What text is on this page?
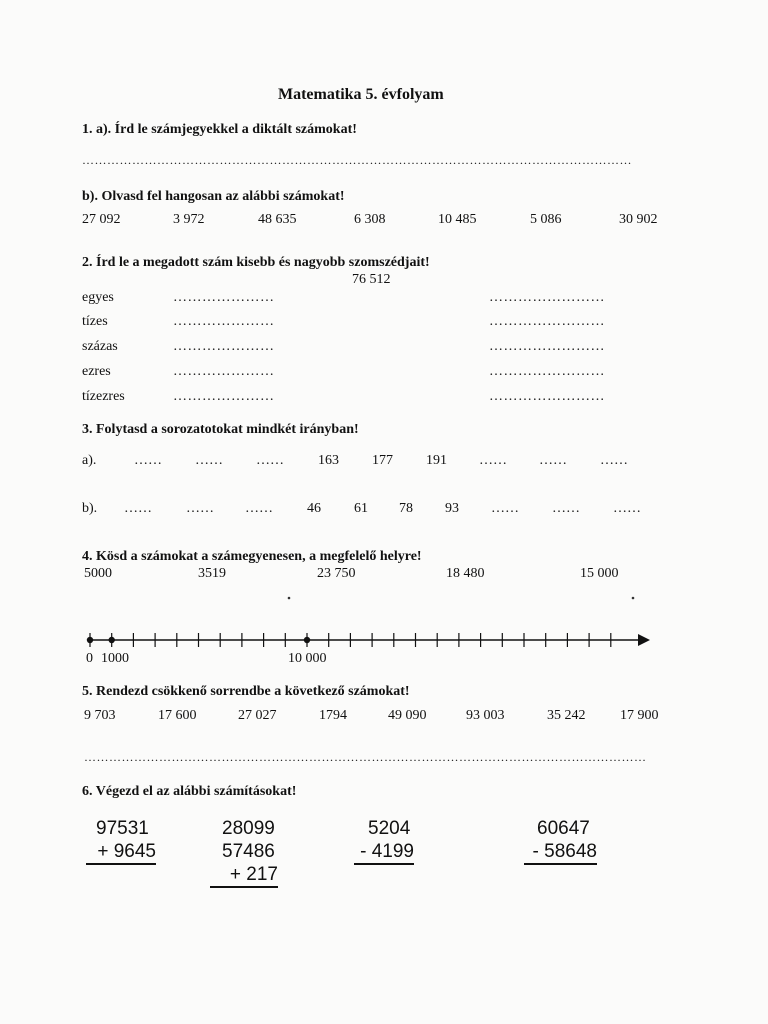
Matematika 5. évfolyam
1. a). Írd le számjegyekkel a diktált számokat!
……………………………………………………………………………………………………………………
b). Olvasd fel hangosan az alábbi számokat!
27 092	3 972	48 635	6 308	10 485	5 086	30 902
2. Írd le a megadott szám kisebb és nagyobb szomszédjait!
76 512
egyes	…………………	……………………
tízes	…………………	……………………
százas	…………………	……………………
ezres	…………………	……………………
tízezres	…………………	……………………
3. Folytasd a sorozatotokat mindkét irányban!
a).	…… …… …… 163 177 191 …… …… ……
b). …… …… …… 46 61 78 93 …… …… ……
4. Kösd a számokat a számegyenesen, a megfelelő helyre!
5000	3519	23 750	18 480	15 000
0 1000	10 000
5. Rendezd csökkenő sorrendbe a következő számokat!
9 703	17 600	27 027	1794	49 090	93 003	35 242 17 900
………………………………………………………………………………………………………………………
6. Végezd el az alábbi számításokat!
97531
+ 9645
28099
57486
+ 217
5204
- 4199
60647
- 58648
